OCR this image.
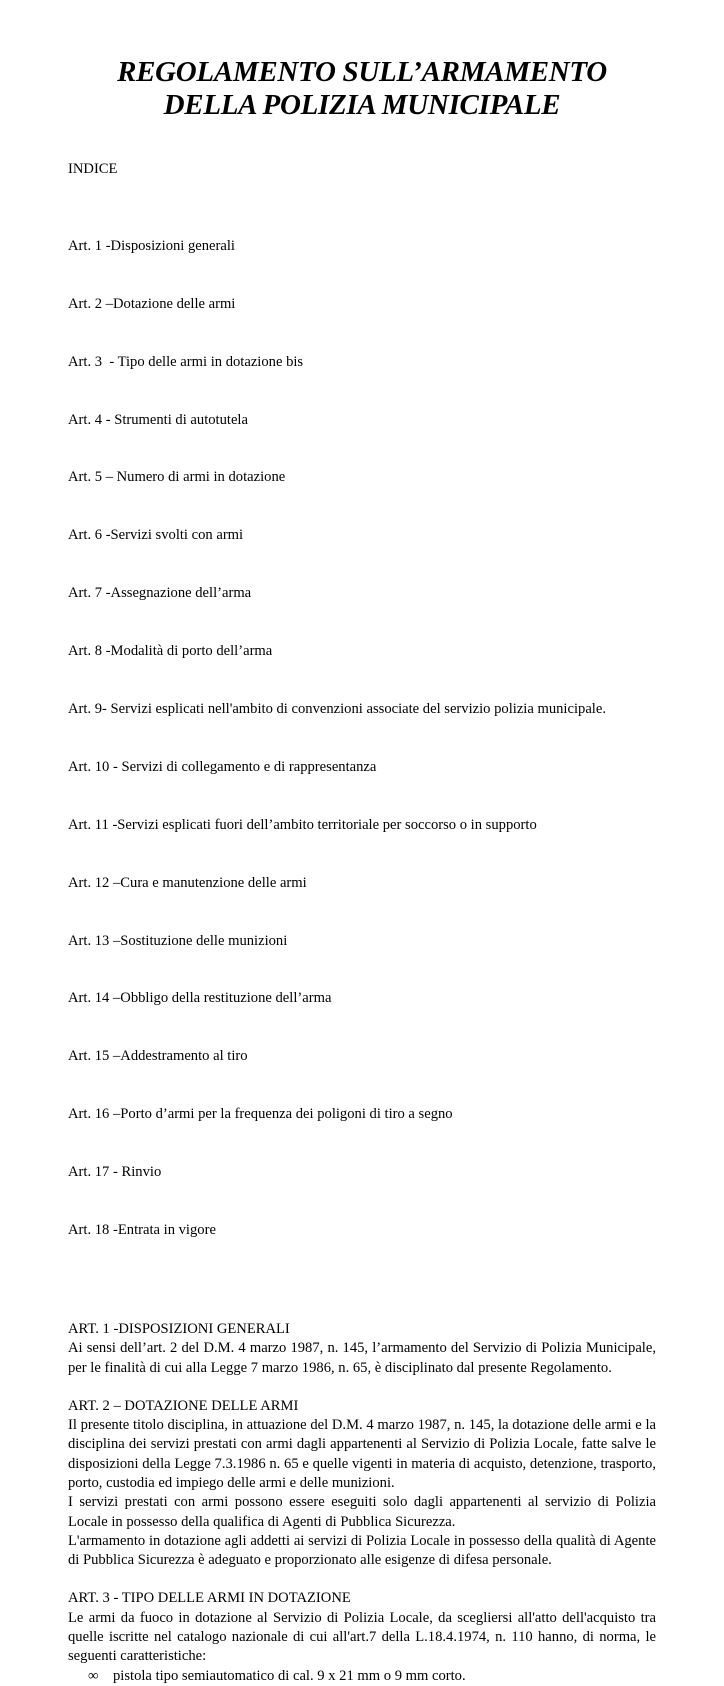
REGOLAMENTO SULL’ARMAMENTO
DELLA POLIZIA MUNICIPALE
INDICE

Art. 1 -Disposizioni generali

Art. 2 –Dotazione delle armi

Art. 3  - Tipo delle armi in dotazione bis

Art. 4 - Strumenti di autotutela

Art. 5 – Numero di armi in dotazione

Art. 6 -Servizi svolti con armi

Art. 7 -Assegnazione dell’arma

Art. 8 -Modalità di porto dell’arma

Art. 9- Servizi esplicati nell'ambito di convenzioni associate del servizio polizia municipale.

Art. 10 - Servizi di collegamento e di rappresentanza

Art. 11 -Servizi esplicati fuori dell’ambito territoriale per soccorso o in supporto

Art. 12 –Cura e manutenzione delle armi

Art. 13 –Sostituzione delle munizioni

Art. 14 –Obbligo della restituzione dell’arma

Art. 15 –Addestramento al tiro

Art. 16 –Porto d’armi per la frequenza dei poligoni di tiro a segno

Art. 17 - Rinvio

Art. 18 -Entrata in vigore

ART. 1 -DISPOSIZIONI GENERALI

Ai sensi dell’art. 2 del D.M. 4 marzo 1987, n. 145, l’armamento del Servizio di Polizia Municipale, per le finalità di cui alla Legge 7 marzo 1986, n. 65, è disciplinato dal presente Regolamento.

ART. 2 – DOTAZIONE DELLE ARMI

Il presente titolo disciplina, in attuazione del D.M. 4 marzo 1987, n. 145, la dotazione delle armi e la disciplina dei servizi prestati con armi dagli appartenenti al Servizio di Polizia Locale, fatte salve le disposizioni della Legge 7.3.1986 n. 65 e quelle vigenti in materia di acquisto, detenzione, trasporto, porto, custodia ed impiego delle armi e delle munizioni.

I servizi prestati con armi possono essere eseguiti solo dagli appartenenti al servizio di Polizia Locale in possesso della qualifica di Agenti di Pubblica Sicurezza.

L'armamento in dotazione agli addetti ai servizi di Polizia Locale in possesso della qualità di Agente di Pubblica Sicurezza è adeguato e proporzionato alle esigenze di difesa personale.

ART. 3 - TIPO DELLE ARMI IN DOTAZIONE

Le armi da fuoco in dotazione al Servizio di Polizia Locale, da scegliersi all'atto dell'acquisto tra quelle iscritte nel catalogo nazionale di cui all'art.7 della L.18.4.1974, n. 110 hanno, di norma, le seguenti caratteristiche:

∞ pistola tipo semiautomatico di cal. 9 x 21 mm o 9 mm corto.
